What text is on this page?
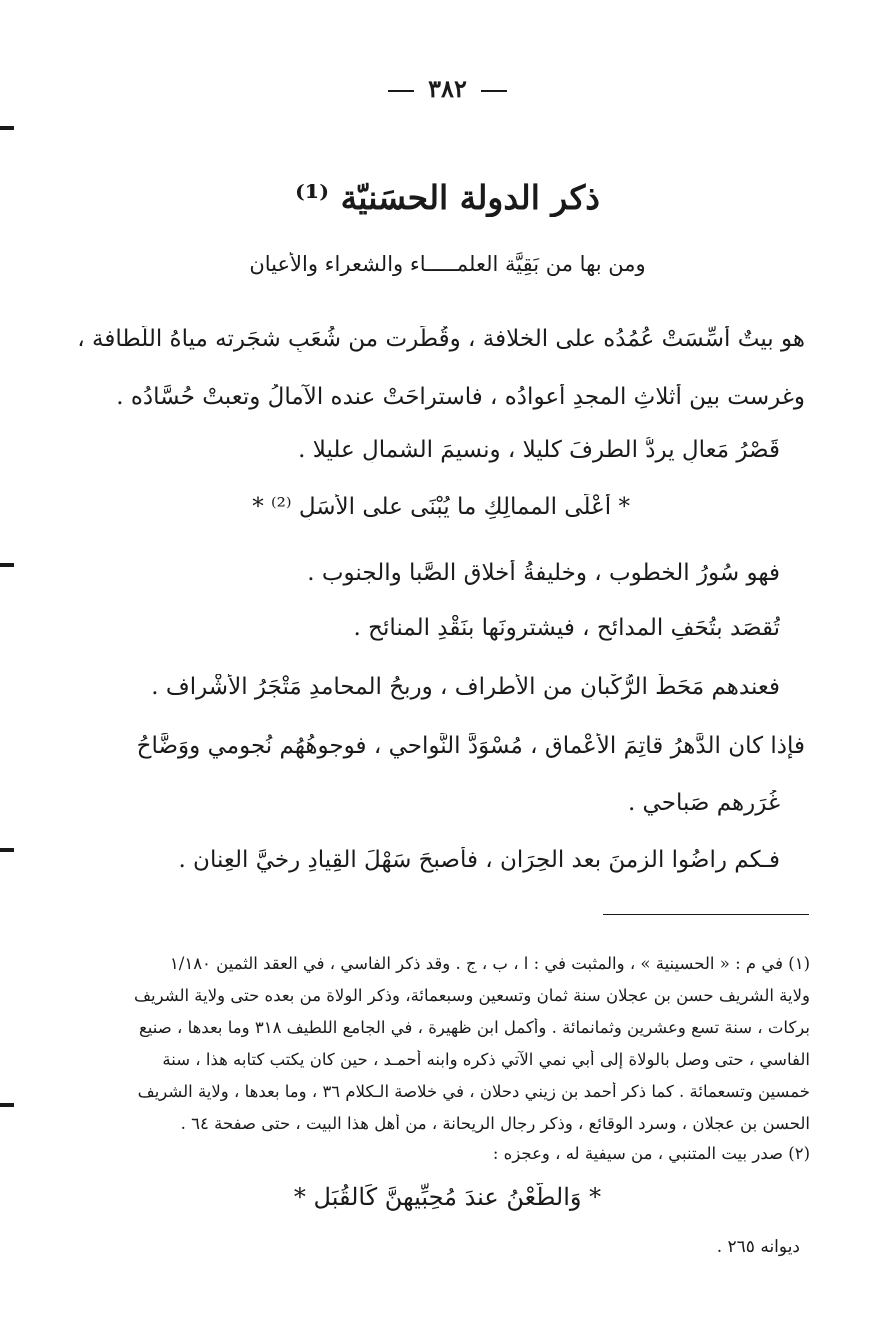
٣٨٢
ذكر الدولة الحسَنيّة ⁽¹⁾
ومن بها من بَقِيَّة العلمـــــاء والشعراء والأعيان
هو بيتٌ أُسِّسَتْ عُمُدُه على الخلافة ، وقُطِّرت من شُعَبِ شجَرته مياهُ اللَّطافة ،
وغرست بين أثلاثِ المجدِ أعوادُه ، فاستراحَتْ عنده الآمالُ وتعبتْ حُسَّادُه .
قَصْرُ مَعالٍ يردُّ الطرفَ كليلا ، ونسيمَ الشمالِ عليلا .
* أعْلَى الممالِكِ ما يُبْنَى على الأَسَلِ ⁽²⁾ *
فهو سُورُ الخطوب ، وخليفةُ أخلاقِ الصَّبا والجنوب .
تُقصَد بتُحَفِ المدائحِ ، فيشترونَها بنَقْدِ المنائحِ .
فعندهم مَحَطُّ الرُّكْبانِ من الأطراف ، وربحُ المحامدِ مَتْجَرُ الأشْراف .
فإذا كان الدَّهرُ قاتِمَ الأعْماق ، مُسْوَدَّ النَّواحي ، فوجوهُهُم نُجومي ووَضَّاحُ
غُرَرِهم صَباحي .
فـكم راضُوا الزمنَ بعد الحِرَان ، فأصبحَ سَهْلَ القِيادِ رخيَّ العِنان .
(١) في م : « الحسينية » ، والمثبت في : ا ، ب ، ج . وقد ذكر الفاسي ، في العقد الثمين ١/١٨٠
ولاية الشريف حسن بن عجلان سنة ثمان وتسعين وسبعمائة، وذكر الولاة من بعده حتى ولاية الشريف
بركات ، سنة تسع وعشرين وثمانمائة . وأكمل ابن ظهيرة ، في الجامع اللطيف ٣١٨ وما بعدها ، صنيع
الفاسي ، حتى وصل بالولاة إلى أبي نمي الآتي ذكره وابنه أحمـد ، حين كان يكتب كتابه هذا ، سنة
خمسين وتسعمائة . كما ذكر أحمد بن زيني دحلان ، في خلاصة الـكلام ٣٦ ، وما بعدها ، ولاية الشريف
الحسن بن عجلان ، وسرد الوقائع ، وذكر رجال الريحانة ، من أهل هذا البيت ، حتى صفحة ٦٤ .
(٢) صدر بيت المتنبي ، من سيفية له ، وعجزه :
* وَالطَّعْنُ عندَ مُحِبِّيهِنَّ كَالقُبَلِ *
ديوانه ٢٦٥ .
